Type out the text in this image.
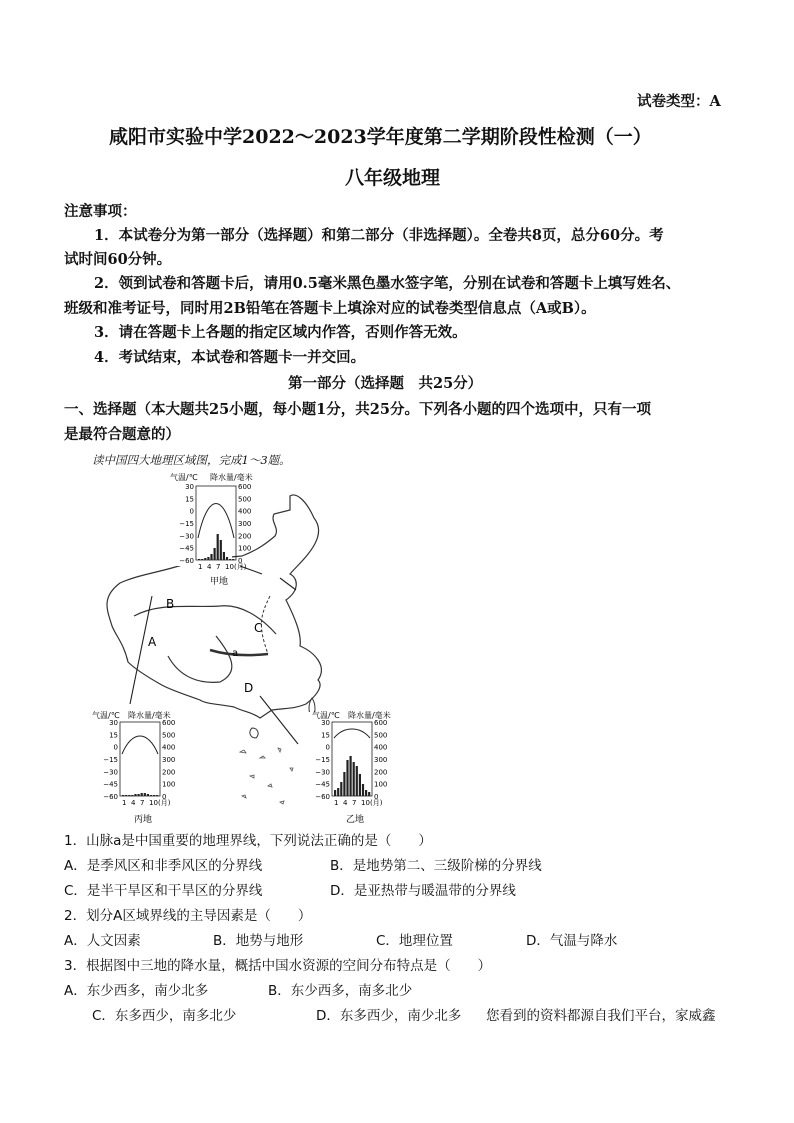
试卷类型：A
咸阳市实验中学2022～2023学年度第二学期阶段性检测（一）
八年级地理
注意事项：
1．本试卷分为第一部分（选择题）和第二部分（非选择题）。全卷共8页，总分60分。考
试时间60分钟。
2．领到试卷和答题卡后，请用0.5毫米黑色墨水签字笔，分别在试卷和答题卡上填写姓名、
班级和准考证号，同时用2B铅笔在答题卡上填涂对应的试卷类型信息点（A或B）。
3．请在答题卡上各题的指定区域内作答，否则作答无效。
4．考试结束，本试卷和答题卡一并交回。
第一部分（选择题　共25分）
一、选择题（本大题共25小题，每小题1分，共25分。下列各小题的四个选项中，只有一项
是最符合题意的）
读中国四大地理区域图，完成1～3题。
B
A
C
D
a
气温/℃ 降水量/毫米
30
15
0
−15
−30
−45
−60
600
500
400
300
200
100
0
1 4 7 10 (月)
甲地
气温/℃ 降水量/毫米
30
15
0
−15
−30
−45
−60
600
500
400
300
200
100
0
1 4 7 10 (月)
丙地
气温/℃ 降水量/毫米
30
15
0
−15
−30
−45
−60
600
500
400
300
200
100
0
1 4 7 10 (月)
乙地
1．山脉a是中国重要的地理界线，下列说法正确的是（　　）
A．是季风区和非季风区的分界线	B．是地势第二、三级阶梯的分界线
C．是半干旱区和干旱区的分界线	D．是亚热带与暖温带的分界线
2．划分A区域界线的主导因素是（　　）
A．人文因素	B．地势与地形	C．地理位置	D．气温与降水
3．根据图中三地的降水量，概括中国水资源的空间分布特点是（　　）
A．东少西多，南少北多	B．东少西多，南多北少
C．东多西少，南多北少	D．东多西少，南少北多 您看到的资料都源自我们平台，家威鑫
